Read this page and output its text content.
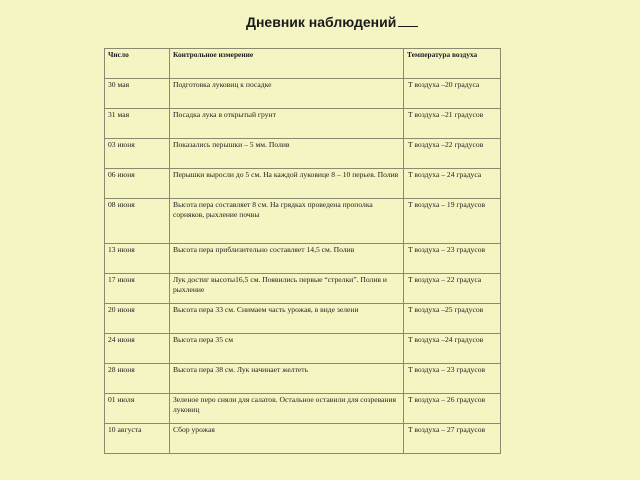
Дневник наблюдений
Число	Контрольное измерение	Температура воздуха
30 мая	Подготовка луковиц к посадке	T воздуха –20 градуса
31 мая	Посадка лука в открытый грунт	T воздуха –21 градусов
03 июня	Показались перышки – 5 мм. Полив	T воздуха –22 градусов
06 июня	Перышки выросли до 5 см. На каждой луковице 8 – 10 перьев. Полив	T воздуха – 24 градуса
08 июня	Высота пера составляет 8 см. На грядках проведена прополка сорняков, рыхление почвы	T воздуха – 19 градусов
13 июня	Высота пера приблизительно составляет 14,5 см. Полив	T воздуха – 23 градусов
17 июня	Лук достиг высоты16,5 см. Появились первые “стрелки”. Полив и рыхление	T воздуха – 22 градуса
20 июня	Высота пера 33 см. Снимаем часть урожая, в виде зелени	T воздуха –25 градусов
24 июня	Высота пера 35 см	T воздуха –24 градусов
28 июня	Высота пера 38 см. Лук начинает желтеть	T воздуха – 23 градусов
01 июля	Зеленое перо сняли для салатов. Остальное оставили для созревания луковиц	T воздуха – 26 градусов
10 августа	Сбор урожая	T воздуха – 27 градусов
